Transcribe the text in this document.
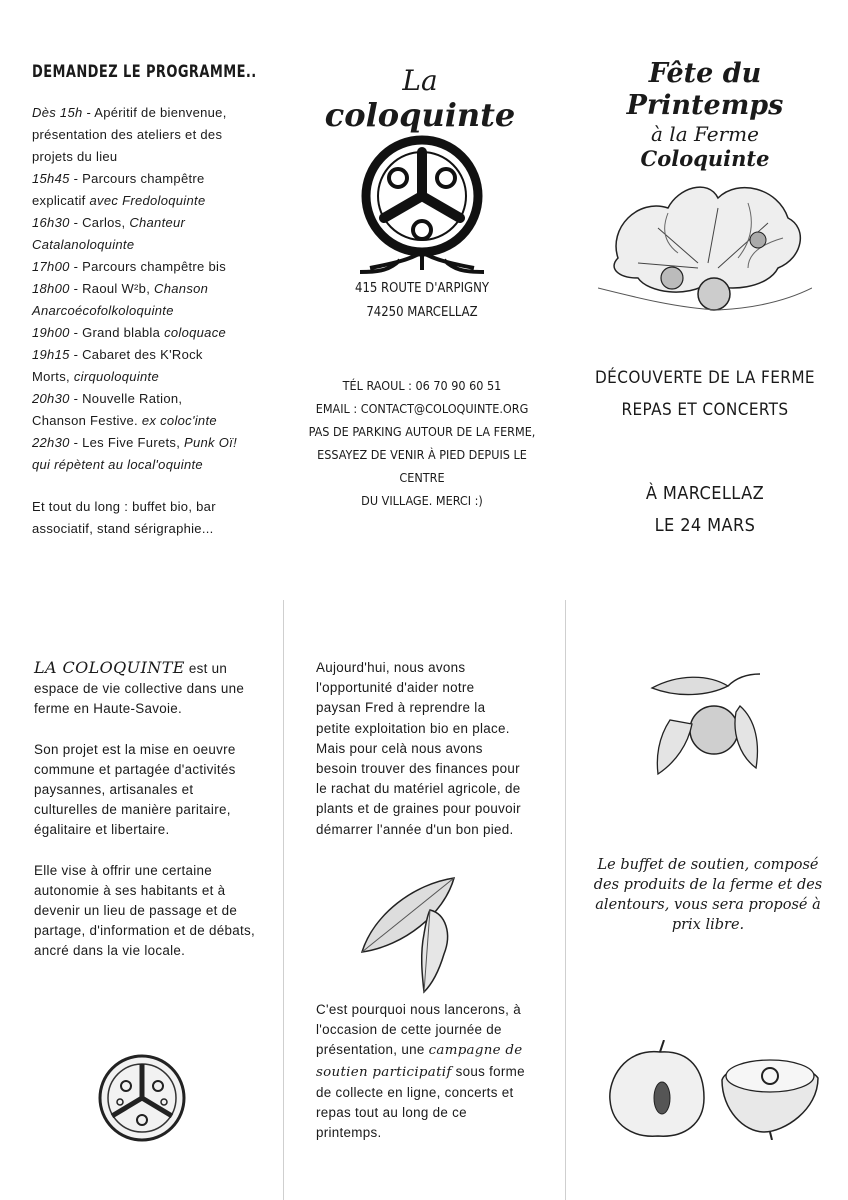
DEMANDEZ LE PROGRAMME..
Dès 15h - Apéritif de bienvenue,
présentation des ateliers et des
projets du lieu
15h45 - Parcours champêtre
explicatif avec Fredoloquinte
16h30 - Carlos, Chanteur
Catalanoloquinte
17h00 - Parcours champêtre bis
18h00 - Raoul W²b, Chanson
Anarcoécofolkoloquinte
19h00 - Grand blabla coloquace
19h15 - Cabaret des K'Rock
Morts, cirquoloquinte
20h30 - Nouvelle Ration,
Chanson Festive. ex coloc'inte
22h30 - Les Five Furets, Punk Oï!
qui répètent au local'oquinte
Et tout du long : buffet bio, bar
associatif, stand sérigraphie...
La
coloquinte
415 ROUTE D'ARPIGNY
74250 MARCELLAZ
TÉL RAOUL : 06 70 90 60 51
EMAIL : CONTACT@COLOQUINTE.ORG
PAS DE PARKING AUTOUR DE LA FERME,
ESSAYEZ DE VENIR À PIED DEPUIS LE CENTRE
DU VILLAGE. MERCI :)
Fête du Printemps
à la Ferme
Coloquinte
DÉCOUVERTE DE LA FERME
REPAS ET CONCERTS
À MARCELLAZ
LE 24 MARS

LA COLOQUINTE est un espace de vie collective dans une ferme en Haute-Savoie.

Son projet est la mise en oeuvre commune et partagée d'activités paysannes, artisanales et culturelles de manière paritaire, égalitaire et libertaire.

Elle vise à offrir une certaine autonomie à ses habitants et à devenir un lieu de passage et de partage, d'information et de débats, ancré dans la vie locale.

Aujourd'hui, nous avons l'opportunité d'aider notre paysan Fred à reprendre la petite exploitation bio en place. Mais pour celà nous avons besoin trouver des finances pour le rachat du matériel agricole, de plants et de graines pour pouvoir démarrer l'année d'un bon pied.

C'est pourquoi nous lancerons, à l'occasion de cette journée de présentation, une campagne de soutien participatif sous forme de collecte en ligne, concerts et repas tout au long de ce printemps.

Le buffet de soutien, composé des produits de la ferme et des alentours, vous sera proposé à prix libre.
